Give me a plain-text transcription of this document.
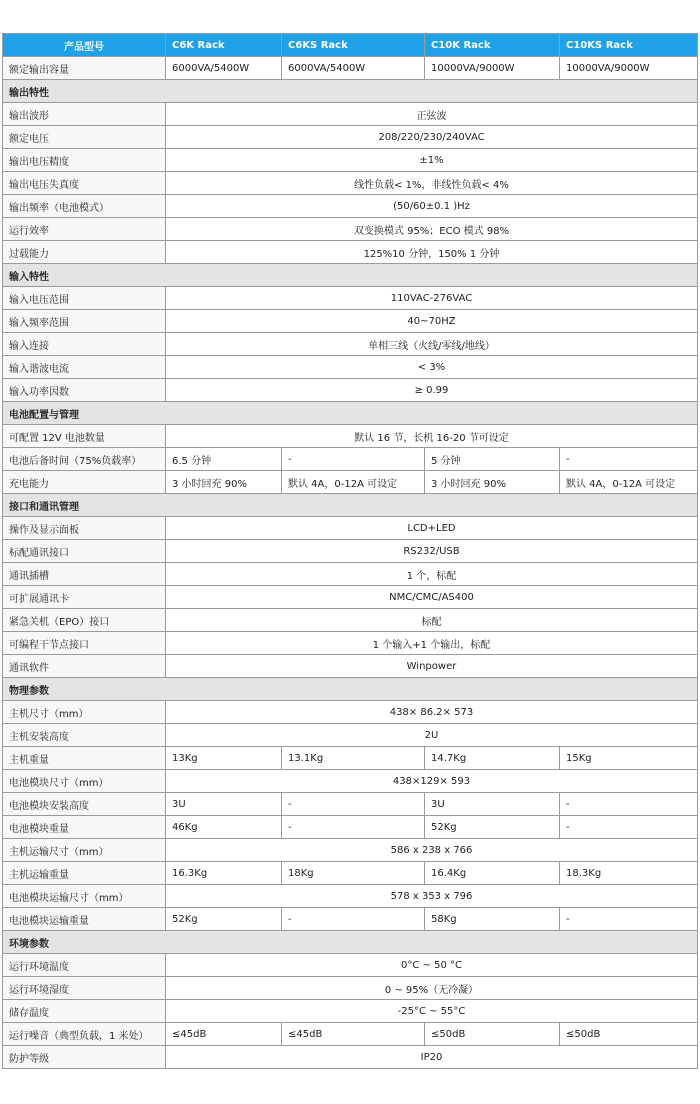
产品型号	C6K Rack	C6KS Rack	C10K Rack	C10KS Rack
额定输出容量	6000VA/5400W	6000VA/5400W	10000VA/9000W	10000VA/9000W
输出特性				
输出波形	正弦波			
额定电压	208/220/230/240VAC			
输出电压精度	±1%			
输出电压失真度	线性负载< 1%，非线性负载< 4%			
输出频率（电池模式）	(50/60±0.1 )Hz			
运行效率	双变换模式 95%；ECO 模式 98%			
过载能力	125%10 分钟，150% 1 分钟			
输入特性				
输入电压范围	110VAC-276VAC			
输入频率范围	40~70HZ			
输入连接	单相三线（火线/零线/地线）			
输入谐波电流	< 3%			
输入功率因数	≥ 0.99			
电池配置与管理				
可配置 12V 电池数量	默认 16 节，长机 16-20 节可设定			
电池后备时间（75%负载率）	6.5 分钟	-	5 分钟	-
充电能力	3 小时回充 90%	默认 4A，0-12A 可设定	3 小时回充 90%	默认 4A，0-12A 可设定
接口和通讯管理				
操作及显示面板	LCD+LED			
标配通讯接口	RS232/USB			
通讯插槽	1 个，标配			
可扩展通讯卡	NMC/CMC/AS400			
紧急关机（EPO）接口	标配			
可编程干节点接口	1 个输入+1 个输出，标配			
通讯软件	Winpower			
物理参数				
主机尺寸（mm）	438× 86.2× 573			
主机安装高度	2U			
主机重量	13Kg	13.1Kg	14.7Kg	15Kg
电池模块尺寸（mm）	438×129× 593			
电池模块安装高度	3U	-	3U	-
电池模块重量	46Kg	-	52Kg	-
主机运输尺寸（mm）	586 x 238 x 766			
主机运输重量	16.3Kg	18Kg	16.4Kg	18.3Kg
电池模块运输尺寸（mm）	578 x 353 x 796			
电池模块运输重量	52Kg	-	58Kg	-
环境参数				
运行环境温度	0°C ~ 50 °C			
运行环境湿度	0 ~ 95%（无冷凝）			
储存温度	-25°C ~ 55°C			
运行噪音（典型负载，1 米处）	≤45dB	≤45dB	≤50dB	≤50dB
防护等级	IP20			
